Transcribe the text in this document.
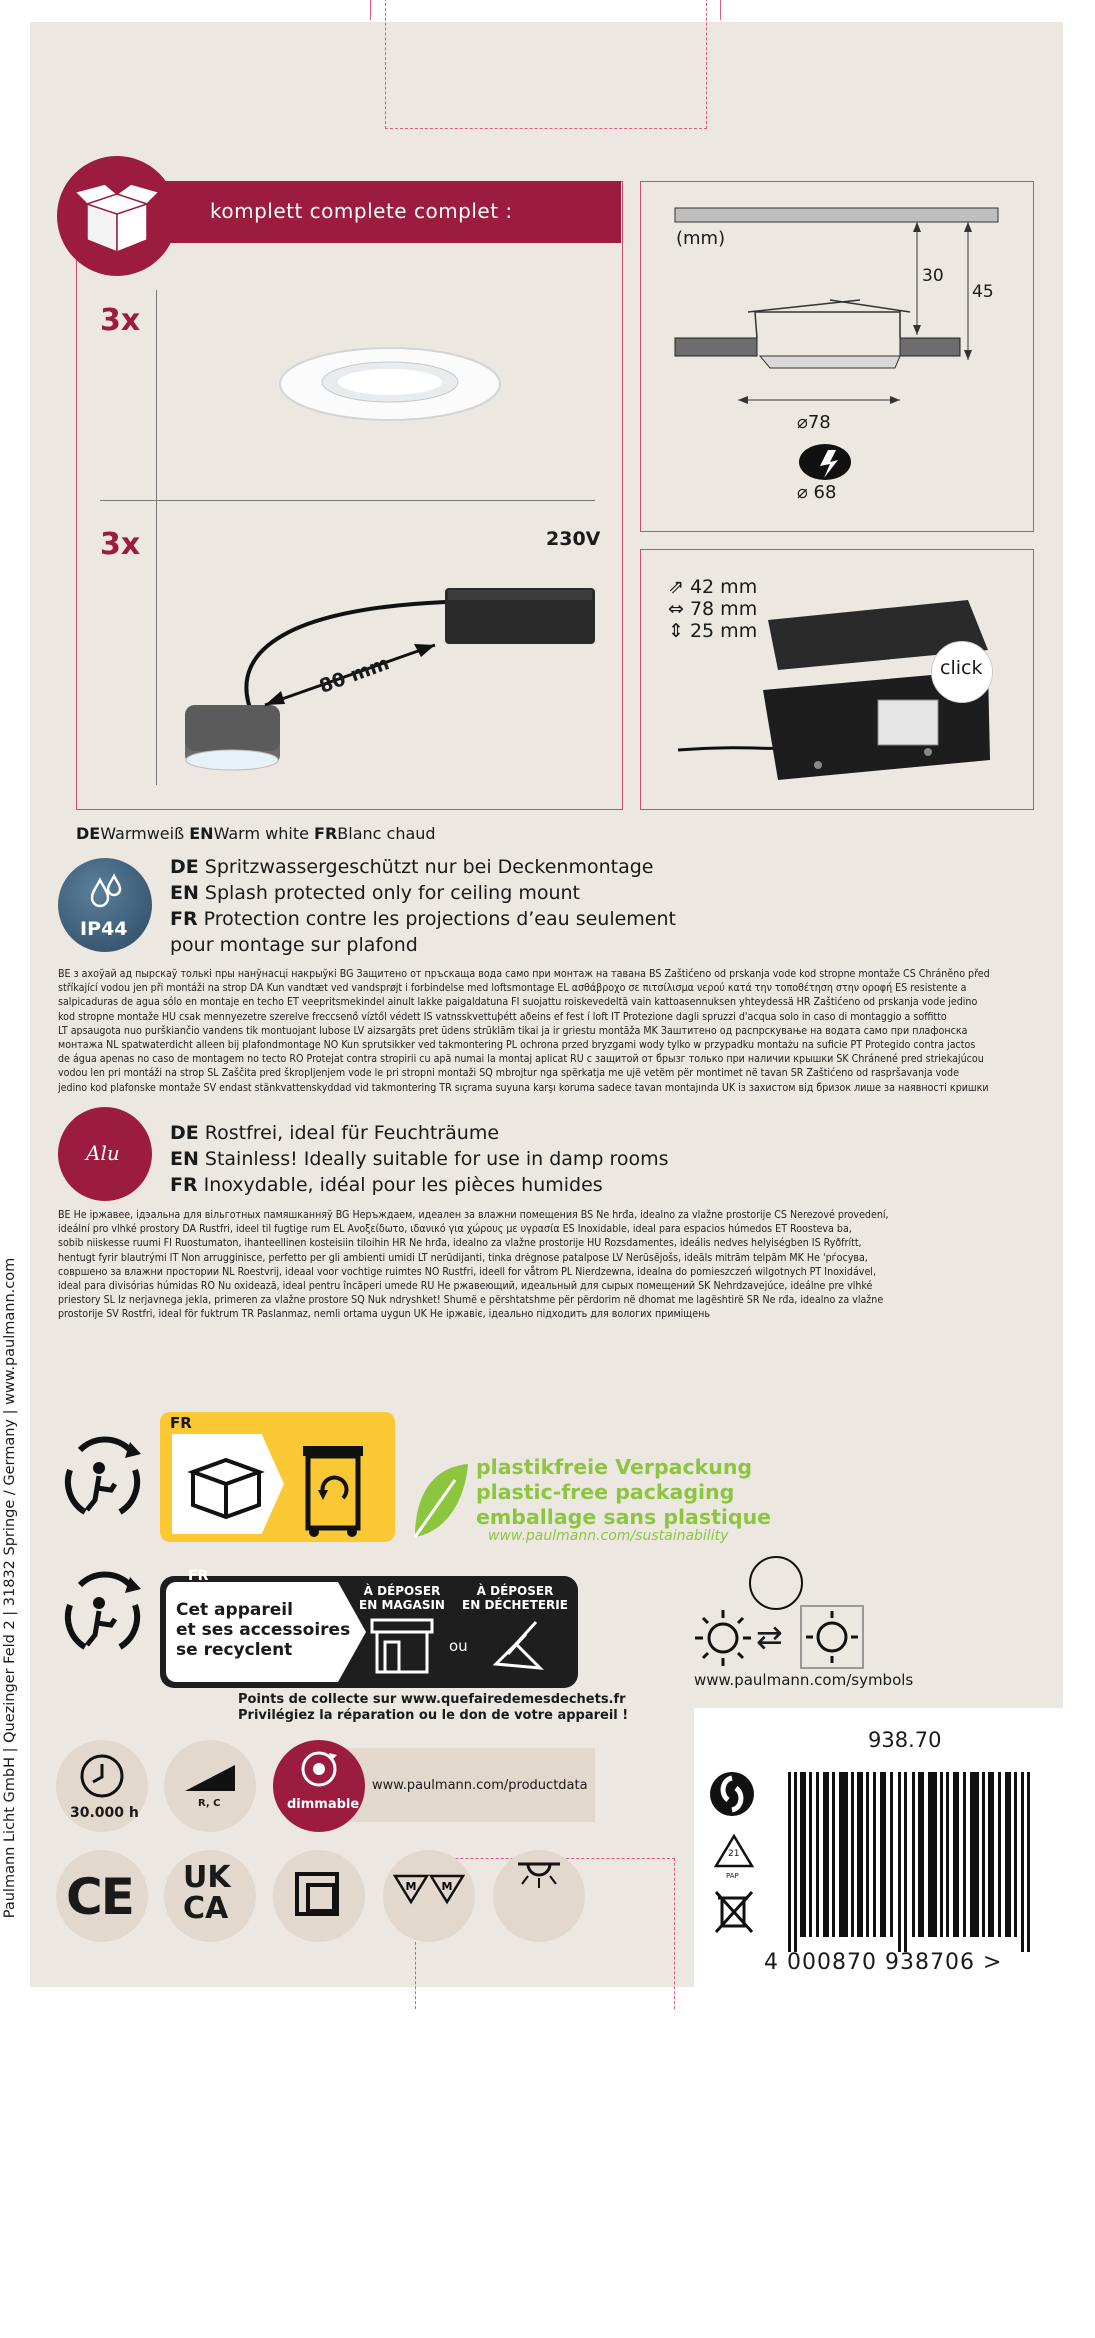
komplett complete complet :
3x
3x	230V
80 mm
(mm)
30
45
⌀78
⌀ 68
⇗ 42 mm
⇔ 78 mm
⇕ 25 mm
click
DEWarmweiß ENWarm white FRBlanc chaud
IP44
DE Spritzwassergeschützt nur bei Deckenmontage
EN Splash protected only for ceiling mount
FR Protection contre les projections d’eau seulement
pour montage sur plafond
BE з ахоўай ад пырскаў толькі пры нанўнасці накрыўкі BG Защитено от пръскаща вода само при монтаж на тавана BS Zaštićeno od prskanja vode kod stropne montaže CS Chráněno před
stříkající vodou jen při montáži na strop DA Kun vandtæt ved vandsprøjt i forbindelse med loftsmontage EL ασθάβροχο σε πιτσίλισμα νερού κατά την τοποθέτηση στην οροφή ES resistente a
salpicaduras de agua sólo en montaje en techo ET veepritsmekindel ainult lakke paigaldatuna FI suojattu roiskevedeltä vain kattoasennuksen yhteydessä HR Zaštićeno od prskanja vode jedino
kod stropne montaže HU csak mennyezetre szerelve freccsenő víztől védett IS vatnsskvettuþétt aðeins ef fest í loft IT Protezione dagli spruzzi d'acqua solo in caso di montaggio a soffitto
LT apsaugota nuo purškiančio vandens tik montuojant lubose LV aizsargāts pret ūdens strūklām tikai ja ir griestu montāža MK Заштитено од распрскување на водата само при плафонска
монтажа NL spatwaterdicht alleen bij plafondmontage NO Kun sprutsikker ved takmontering PL ochrona przed bryzgami wody tylko w przypadku montażu na suficie PT Protegido contra jactos
de água apenas no caso de montagem no tecto RO Protejat contra stropirii cu apă numai la montaj aplicat RU с защитой от брызг только при наличии крышки SK Chránené pred striekajúcou
vodou len pri montáži na strop SL Zaščita pred škropljenjem vode le pri stropni montaži SQ mbrojtur nga spërkatja me ujë vetëm për montimet në tavan SR Zaštićeno od raspršavanja vode
jedino kod plafonske montaže SV endast stänkvattenskyddad vid takmontering TR sıçrama suyuna karşı koruma sadece tavan montajında UK із захистом від бризок лише за наявності кришки
Alu
DE Rostfrei, ideal für Feuchträume
EN Stainless! Ideally suitable for use in damp rooms
FR Inoxydable, idéal pour les pièces humides
BE Не іржавее, ідэальна для вільготных памяшканняў BG Неръждаем, идеален за влажни помещения BS Ne hrđa, idealno za vlažne prostorije CS Nerezové provedení,
ideální pro vlhké prostory DA Rustfri, ideel til fugtige rum EL Ανοξείδωτο, ιδανικό για χώρους με υγρασία ES Inoxidable, ideal para espacios húmedos ET Roosteva ba,
sobib niiskesse ruumi FI Ruostumaton, ihanteellinen kosteisiin tiloihin HR Ne hrđa, idealno za vlažne prostorije HU Rozsdamentes, ideális nedves helyiségben IS Ryðfrítt,
hentugt fyrir blautrými IT Non arrugginisce, perfetto per gli ambienti umidi LT nerūdijanti, tinka drėgnose patalpose LV Nerūsējošs, ideāls mitrām telpām MK Не 'рѓосува,
совршено за влажни простории NL Roestvrij, ideaal voor vochtige ruimtes NO Rustfri, ideell for våtrom PL Nierdzewna, idealna do pomieszczeń wilgotnych PT Inoxidável,
ideal para divisórias húmidas RO Nu oxidează, ideal pentru încăperi umede RU Не ржавеющий, идеальный для сырых помещений SK Nehrdzavejúce, ideálne pre vlhké
priestory SL Iz nerjavnega jekla, primeren za vlažne prostore SQ Nuk ndryshket! Shumë e përshtatshme për përdorim në dhomat me lagështirë SR Ne rđa, idealno za vlažne
prostorije SV Rostfri, ideal för fuktrum TR Paslanmaz, nemli ortama uygun UK Не іржавіє, ідеально підходить для вологих приміщень
FR
plastikfreie Verpackung
plastic-free packaging
emballage sans plastique
www.paulmann.com/sustainability
FR
Cet appareil
et ses accessoires
se recyclent
À DÉPOSER
EN MAGASIN
À DÉPOSER
EN DÉCHETERIE
ou
Points de collecte sur www.quefairedemesdechets.fr
Privilégiez la réparation ou le don de votre appareil !
⇄
www.paulmann.com/symbols
30.000 h
R, C	dimmable
www.paulmann.com/productdata
CE UK
CA
M M
938.70
21
PAP
4 000870 938706 >
Paulmann Licht GmbH | Quezinger Feld 2 | 31832 Springe / Germany | www.paulmann.com
